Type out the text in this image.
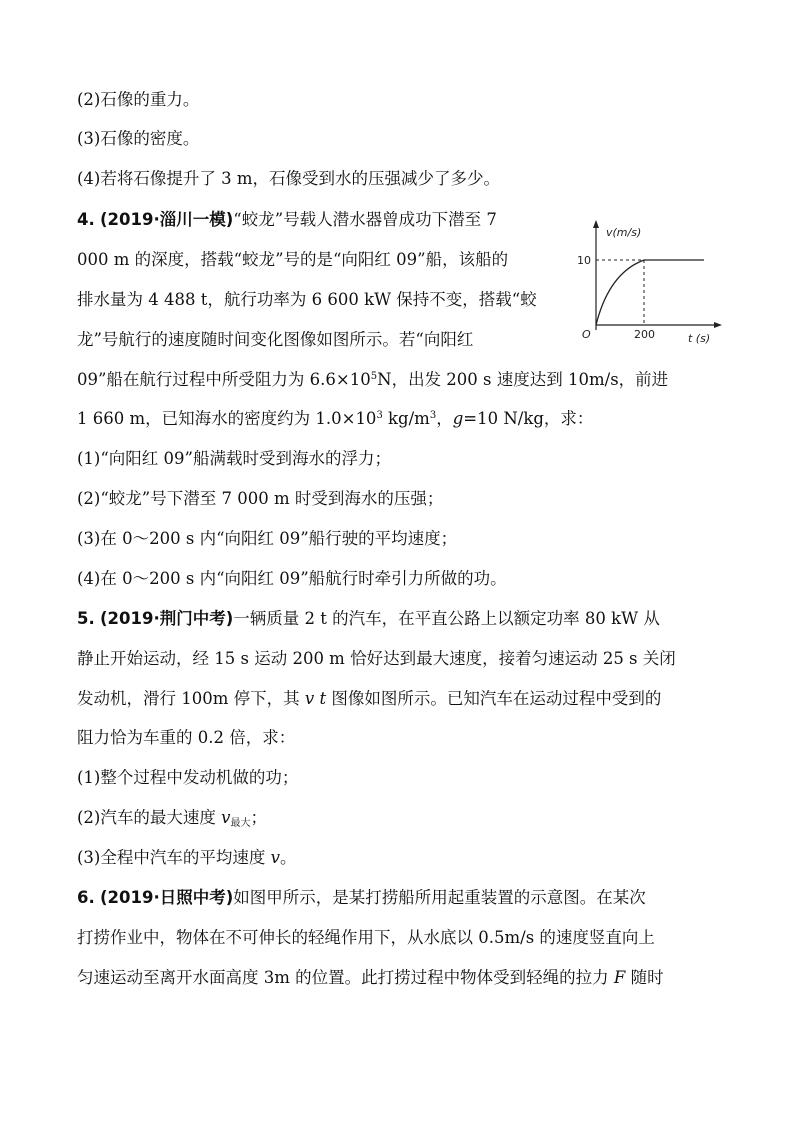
(2)石像的重力。
(3)石像的密度。
(4)若将石像提升了 3 m，石像受到水的压强减少了多少。
4. (2019·淄川一模)“蛟龙”号载人潜水器曾成功下潜至 7
000 m 的深度，搭载“蛟龙”号的是“向阳红 09”船，该船的
排水量为 4 488 t，航行功率为 6 600 kW 保持不变，搭载“蛟
龙”号航行的速度随时间变化图像如图所示。若“向阳红
09”船在航行过程中所受阻力为 $6.6\times 10^5N$，出发 200 s 速度达到 10m/s，前进
1 660 m，已知海水的密度约为 $1.0\times 10^3$ $kg/m^3$，g=10 N/kg，求：
(1)“向阳红 09”船满载时受到海水的浮力；
(2)“蛟龙”号下潜至 7 000 m 时受到海水的压强；
(3)在 0～200 s 内“向阳红 09”船行驶的平均速度；
(4)在 0～200 s 内“向阳红 09”船航行时牵引力所做的功。
5. (2019·荆门中考)一辆质量 2 t 的汽车，在平直公路上以额定功率 80 kW 从
静止开始运动，经 15 s 运动 200 m 恰好达到最大速度，接着匀速运动 25 s 关闭
发动机，滑行 100m 停下，其 v t 图像如图所示。已知汽车在运动过程中受到的
阻力恰为车重的 0.2 倍，求：
(1)整个过程中发动机做的功；
(2)汽车的最大速度 $v_{最大}$；
(3)全程中汽车的平均速度 v。
6. (2019·日照中考)如图甲所示，是某打捞船所用起重装置的示意图。在某次
打捞作业中，物体在不可伸长的轻绳作用下，从水底以 0.5m/s 的速度竖直向上
匀速运动至离开水面高度 3m 的位置。此打捞过程中物体受到轻绳的拉力 F 随时
v(m/s)
t (s)
O
10
200
